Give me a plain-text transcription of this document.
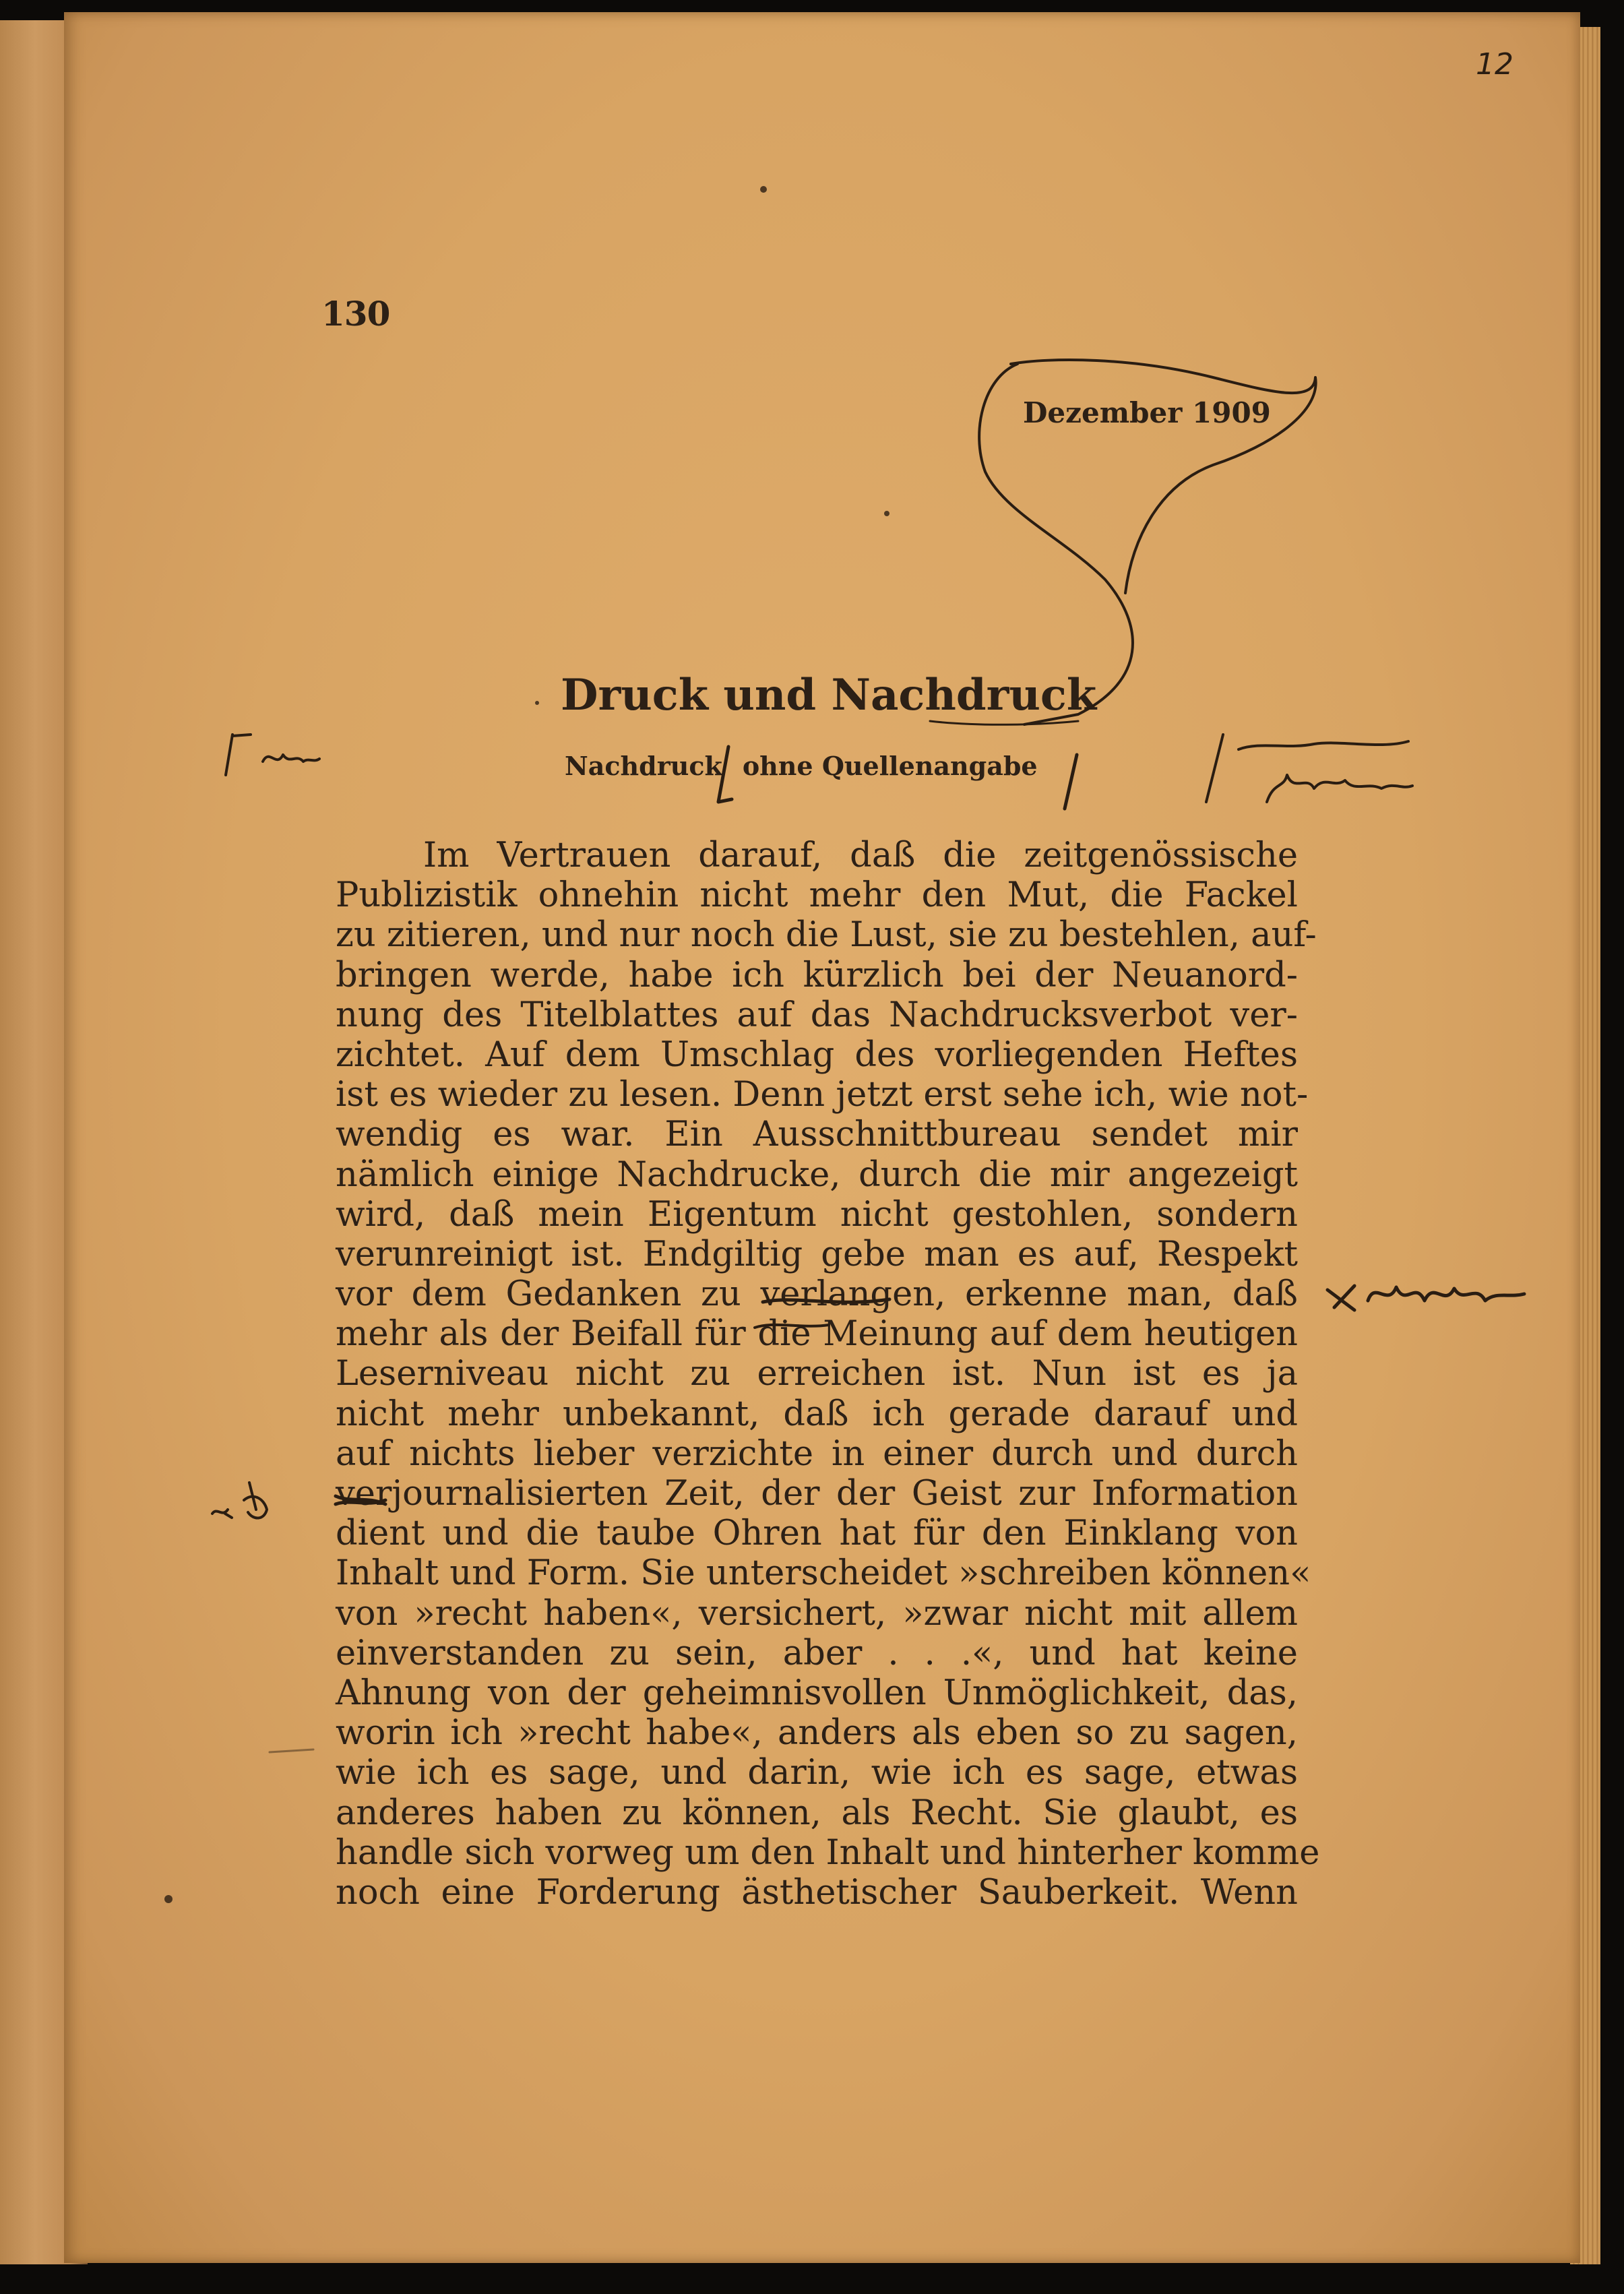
12
130
Dezember 1909
Druck und Nachdruck
Nachdruck ohne Quellenangabe
Im Vertrauen darauf, daß die zeitgenössische
Publizistik ohnehin nicht mehr den Mut, die Fackel
zu zitieren, und nur noch die Lust, sie zu bestehlen, auf-
bringen werde, habe ich kürzlich bei der Neuanord-
nung des Titelblattes auf das Nachdrucksverbot ver-
zichtet. Auf dem Umschlag des vorliegenden Heftes
ist es wieder zu lesen. Denn jetzt erst sehe ich, wie not-
wendig es war. Ein Ausschnittbureau sendet mir
nämlich einige Nachdrucke, durch die mir angezeigt
wird, daß mein Eigentum nicht gestohlen, sondern
verunreinigt ist. Endgiltig gebe man es auf, Respekt
vor dem Gedanken zu verlangen, erkenne man, daß
mehr als der Beifall für die Meinung auf dem heutigen
Leserniveau nicht zu erreichen ist. Nun ist es ja
nicht mehr unbekannt, daß ich gerade darauf und
auf nichts lieber verzichte in einer durch und durch
verjournalisierten Zeit, der der Geist zur Information
dient und die taube Ohren hat für den Einklang von
Inhalt und Form. Sie unterscheidet »schreiben können«
von »recht haben«, versichert, »zwar nicht mit allem
einverstanden zu sein, aber . . .«, und hat keine
Ahnung von der geheimnisvollen Unmöglichkeit, das,
worin ich »recht habe«, anders als eben so zu sagen,
wie ich es sage, und darin, wie ich es sage, etwas
anderes haben zu können, als Recht. Sie glaubt, es
handle sich vorweg um den Inhalt und hinterher komme
noch eine Forderung ästhetischer Sauberkeit. Wenn
